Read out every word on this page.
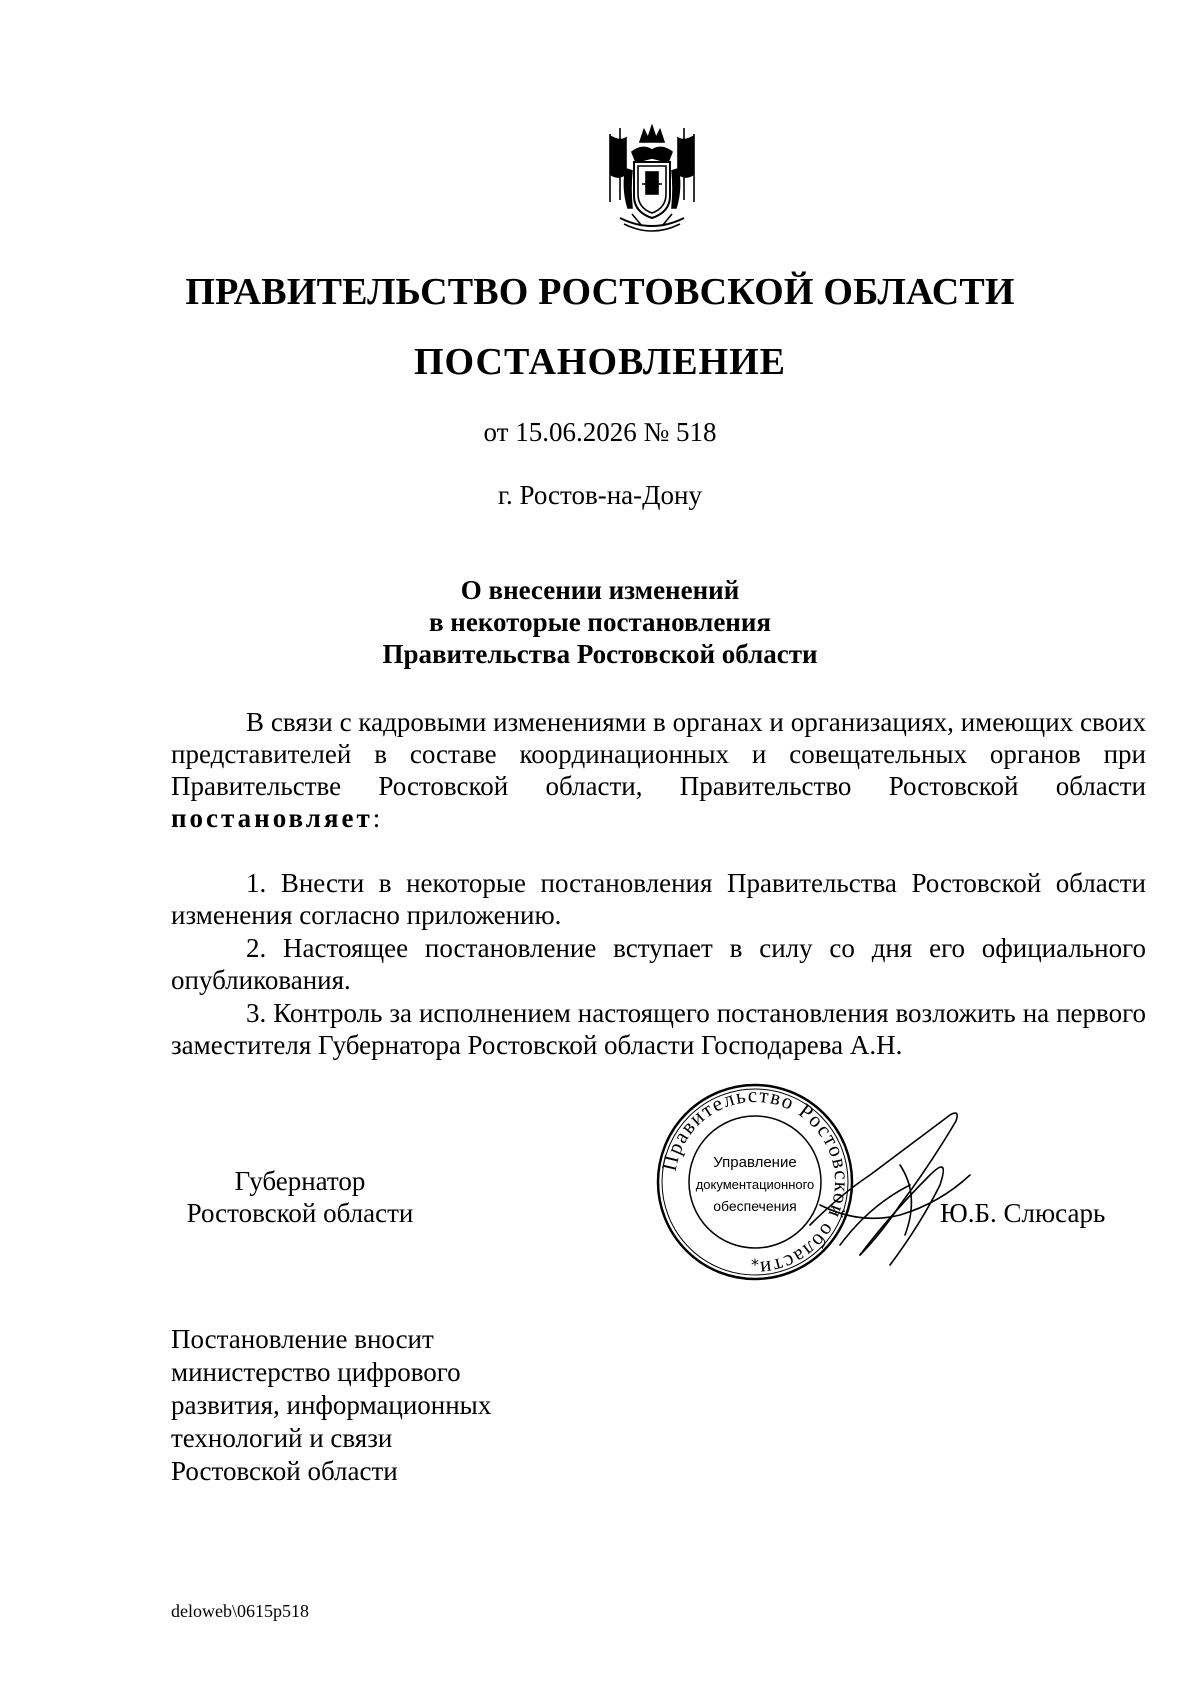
ПРАВИТЕЛЬСТВО РОСТОВСКОЙ ОБЛАСТИ
ПОСТАНОВЛЕНИЕ
от 15.06.2026 № 518
г. Ростов-на-Дону
О внесении изменений
в некоторые постановления
Правительства Ростовской области

В связи с кадровыми изменениями в органах и организациях, имеющих своих представителей в составе координационных и совещательных органов при Правительстве Ростовской области, Правительство Ростовской области постановляет:

1. Внести в некоторые постановления Правительства Ростовской области изменения согласно приложению.

2. Настоящее постановление вступает в силу со дня его официального опубликования.

3. Контроль за исполнением настоящего постановления возложить на первого заместителя Губернатора Ростовской области Господарева А.Н.

Губернатор
Ростовской области
Правительство Ростовской области
Управление
документационного
обеспечения
*
Ю.Б. Слюсарь
Постановление вносит
министерство цифрового
развития, информационных
технологий и связи
Ростовской области
deloweb\0615p518
